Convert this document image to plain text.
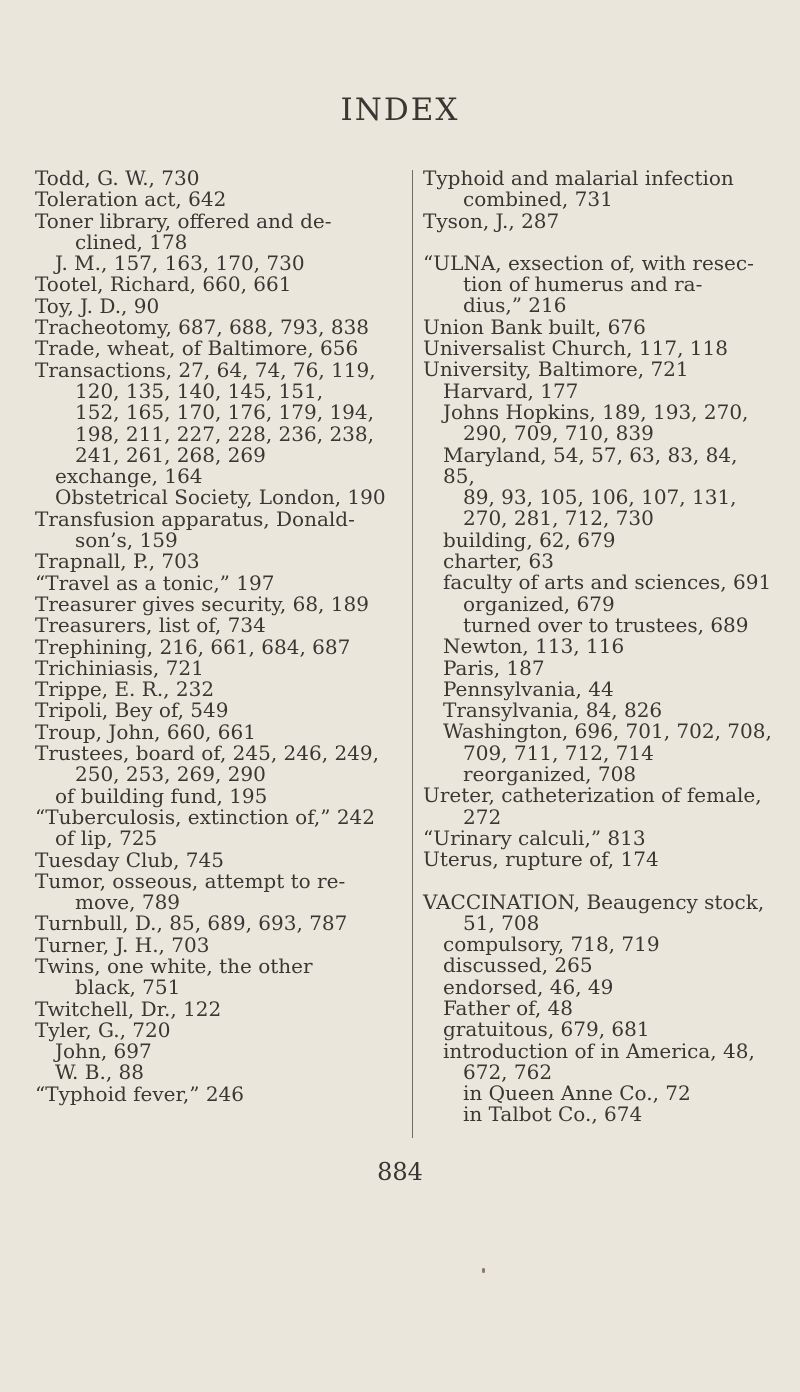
INDEX
Todd, G. W., 730
Toleration act, 642
Toner library, offered and de-
clined, 178
J. M., 157, 163, 170, 730
Tootel, Richard, 660, 661
Toy, J. D., 90
Tracheotomy, 687, 688, 793, 838
Trade, wheat, of Baltimore, 656
Transactions, 27, 64, 74, 76, 119,
120, 135, 140, 145, 151,
152, 165, 170, 176, 179, 194,
198, 211, 227, 228, 236, 238,
241, 261, 268, 269
exchange, 164
Obstetrical Society, London, 190
Transfusion apparatus, Donald-
son’s, 159
Trapnall, P., 703
“Travel as a tonic,” 197
Treasurer gives security, 68, 189
Treasurers, list of, 734
Trephining, 216, 661, 684, 687
Trichiniasis, 721
Trippe, E. R., 232
Tripoli, Bey of, 549
Troup, John, 660, 661
Trustees, board of, 245, 246, 249,
250, 253, 269, 290
of building fund, 195
“Tuberculosis, extinction of,” 242
of lip, 725
Tuesday Club, 745
Tumor, osseous, attempt to re-
move, 789
Turnbull, D., 85, 689, 693, 787
Turner, J. H., 703
Twins, one white, the other
black, 751
Twitchell, Dr., 122
Tyler, G., 720
John, 697
W. B., 88
“Typhoid fever,” 246
Typhoid and malarial infection
combined, 731
Tyson, J., 287
“ULNA, exsection of, with resec-
tion of humerus and ra-
dius,” 216
Union Bank built, 676
Universalist Church, 117, 118
University, Baltimore, 721
Harvard, 177
Johns Hopkins, 189, 193, 270,
290, 709, 710, 839
Maryland, 54, 57, 63, 83, 84, 85,
89, 93, 105, 106, 107, 131,
270, 281, 712, 730
building, 62, 679
charter, 63
faculty of arts and sciences, 691
organized, 679
turned over to trustees, 689
Newton, 113, 116
Paris, 187
Pennsylvania, 44
Transylvania, 84, 826
Washington, 696, 701, 702, 708,
709, 711, 712, 714
reorganized, 708
Ureter, catheterization of female,
272
“Urinary calculi,” 813
Uterus, rupture of, 174
VACCINATION, Beaugency stock,
51, 708
compulsory, 718, 719
discussed, 265
endorsed, 46, 49
Father of, 48
gratuitous, 679, 681
introduction of in America, 48,
672, 762
in Queen Anne Co., 72
in Talbot Co., 674
884
